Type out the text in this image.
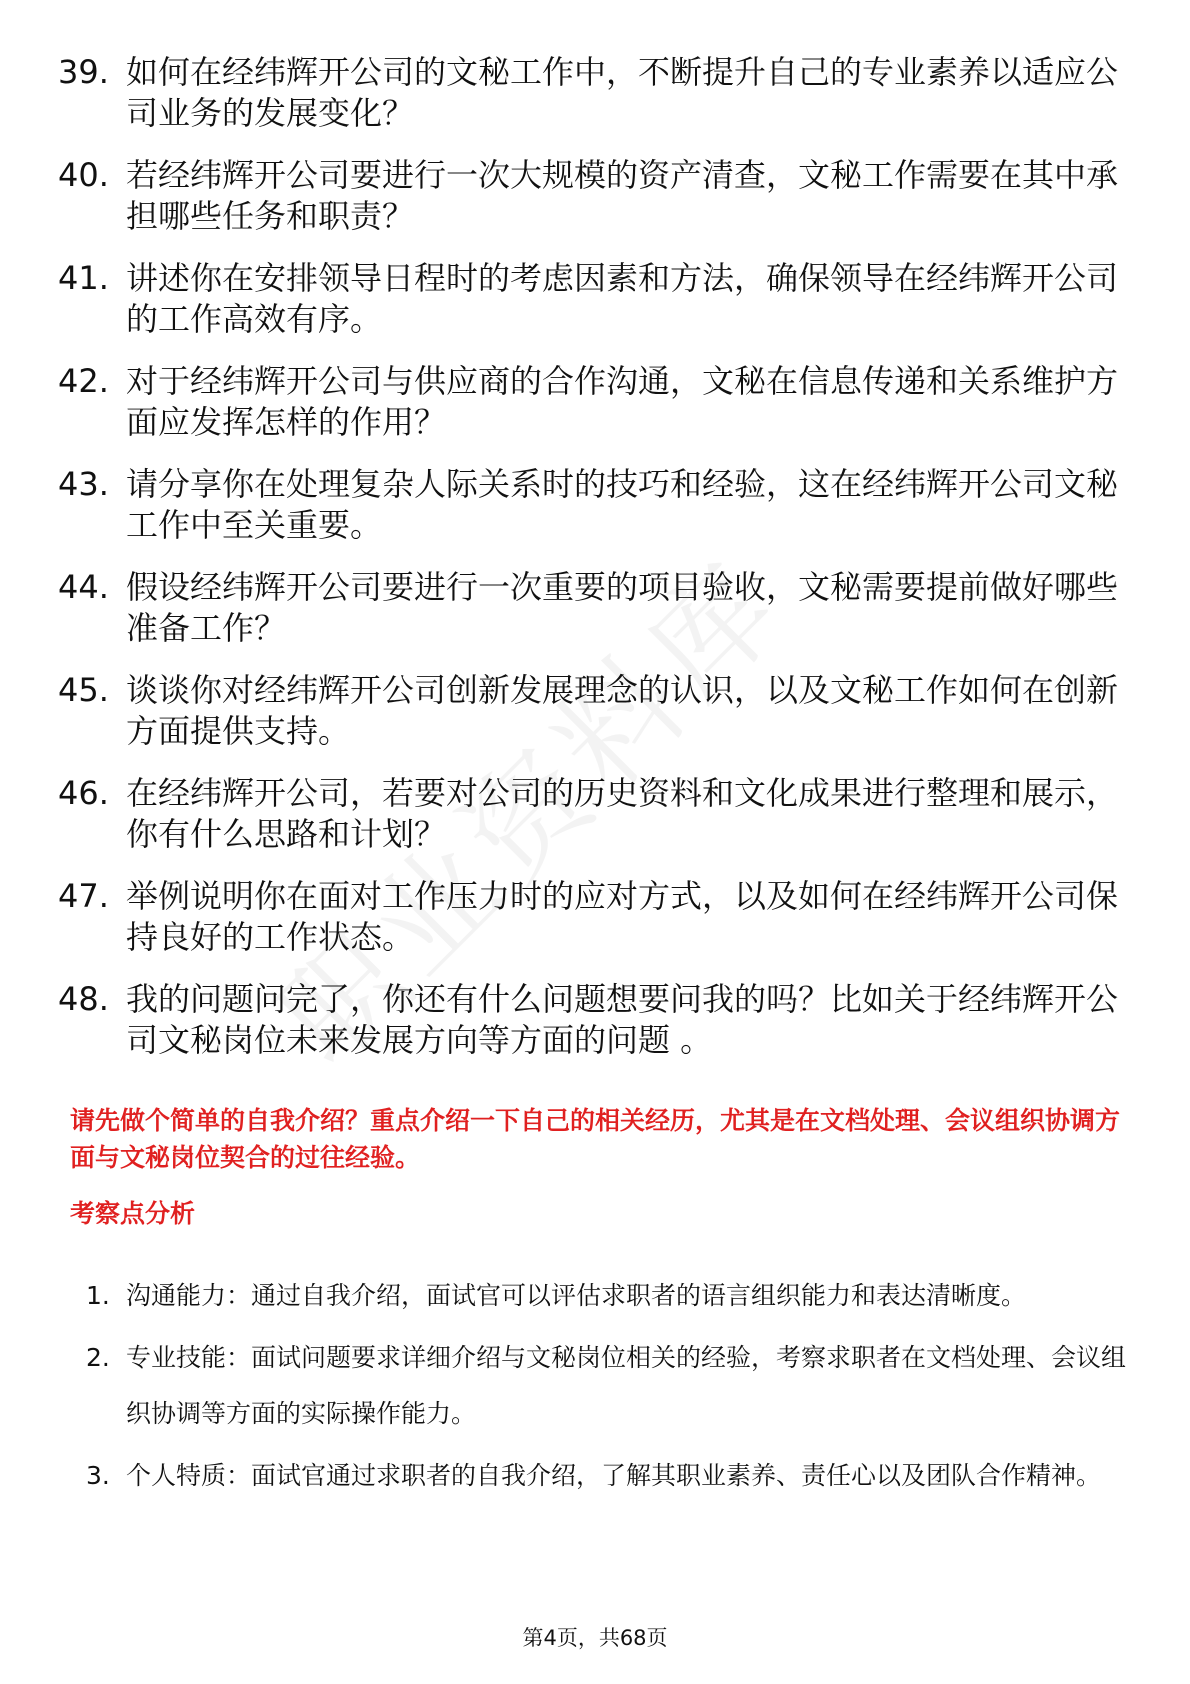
39. 如何在经纬辉开公司的文秘工作中，不断提升自己的专业素养以适应公司业务的发展变化？
40. 若经纬辉开公司要进行一次大规模的资产清查，文秘工作需要在其中承担哪些任务和职责？
41. 讲述你在安排领导日程时的考虑因素和方法，确保领导在经纬辉开公司的工作高效有序。
42. 对于经纬辉开公司与供应商的合作沟通，文秘在信息传递和关系维护方面应发挥怎样的作用？
43. 请分享你在处理复杂人际关系时的技巧和经验，这在经纬辉开公司文秘工作中至关重要。
44. 假设经纬辉开公司要进行一次重要的项目验收，文秘需要提前做好哪些准备工作？
45. 谈谈你对经纬辉开公司创新发展理念的认识，以及文秘工作如何在创新方面提供支持。
46. 在经纬辉开公司，若要对公司的历史资料和文化成果进行整理和展示，你有什么思路和计划？
47. 举例说明你在面对工作压力时的应对方式，以及如何在经纬辉开公司保持良好的工作状态。
48. 我的问题问完了，你还有什么问题想要问我的吗？比如关于经纬辉开公司文秘岗位未来发展方向等方面的问题 。
请先做个简单的自我介绍？重点介绍一下自己的相关经历，尤其是在文档处理、会议组织协调方面与文秘岗位契合的过往经验。
考察点分析
1. 沟通能力：通过自我介绍，面试官可以评估求职者的语言组织能力和表达清晰度。
2. 专业技能：面试问题要求详细介绍与文秘岗位相关的经验，考察求职者在文档处理、会议组织协调等方面的实际操作能力。
3. 个人特质：面试官通过求职者的自我介绍，了解其职业素养、责任心以及团队合作精神。
第4页，共68页
